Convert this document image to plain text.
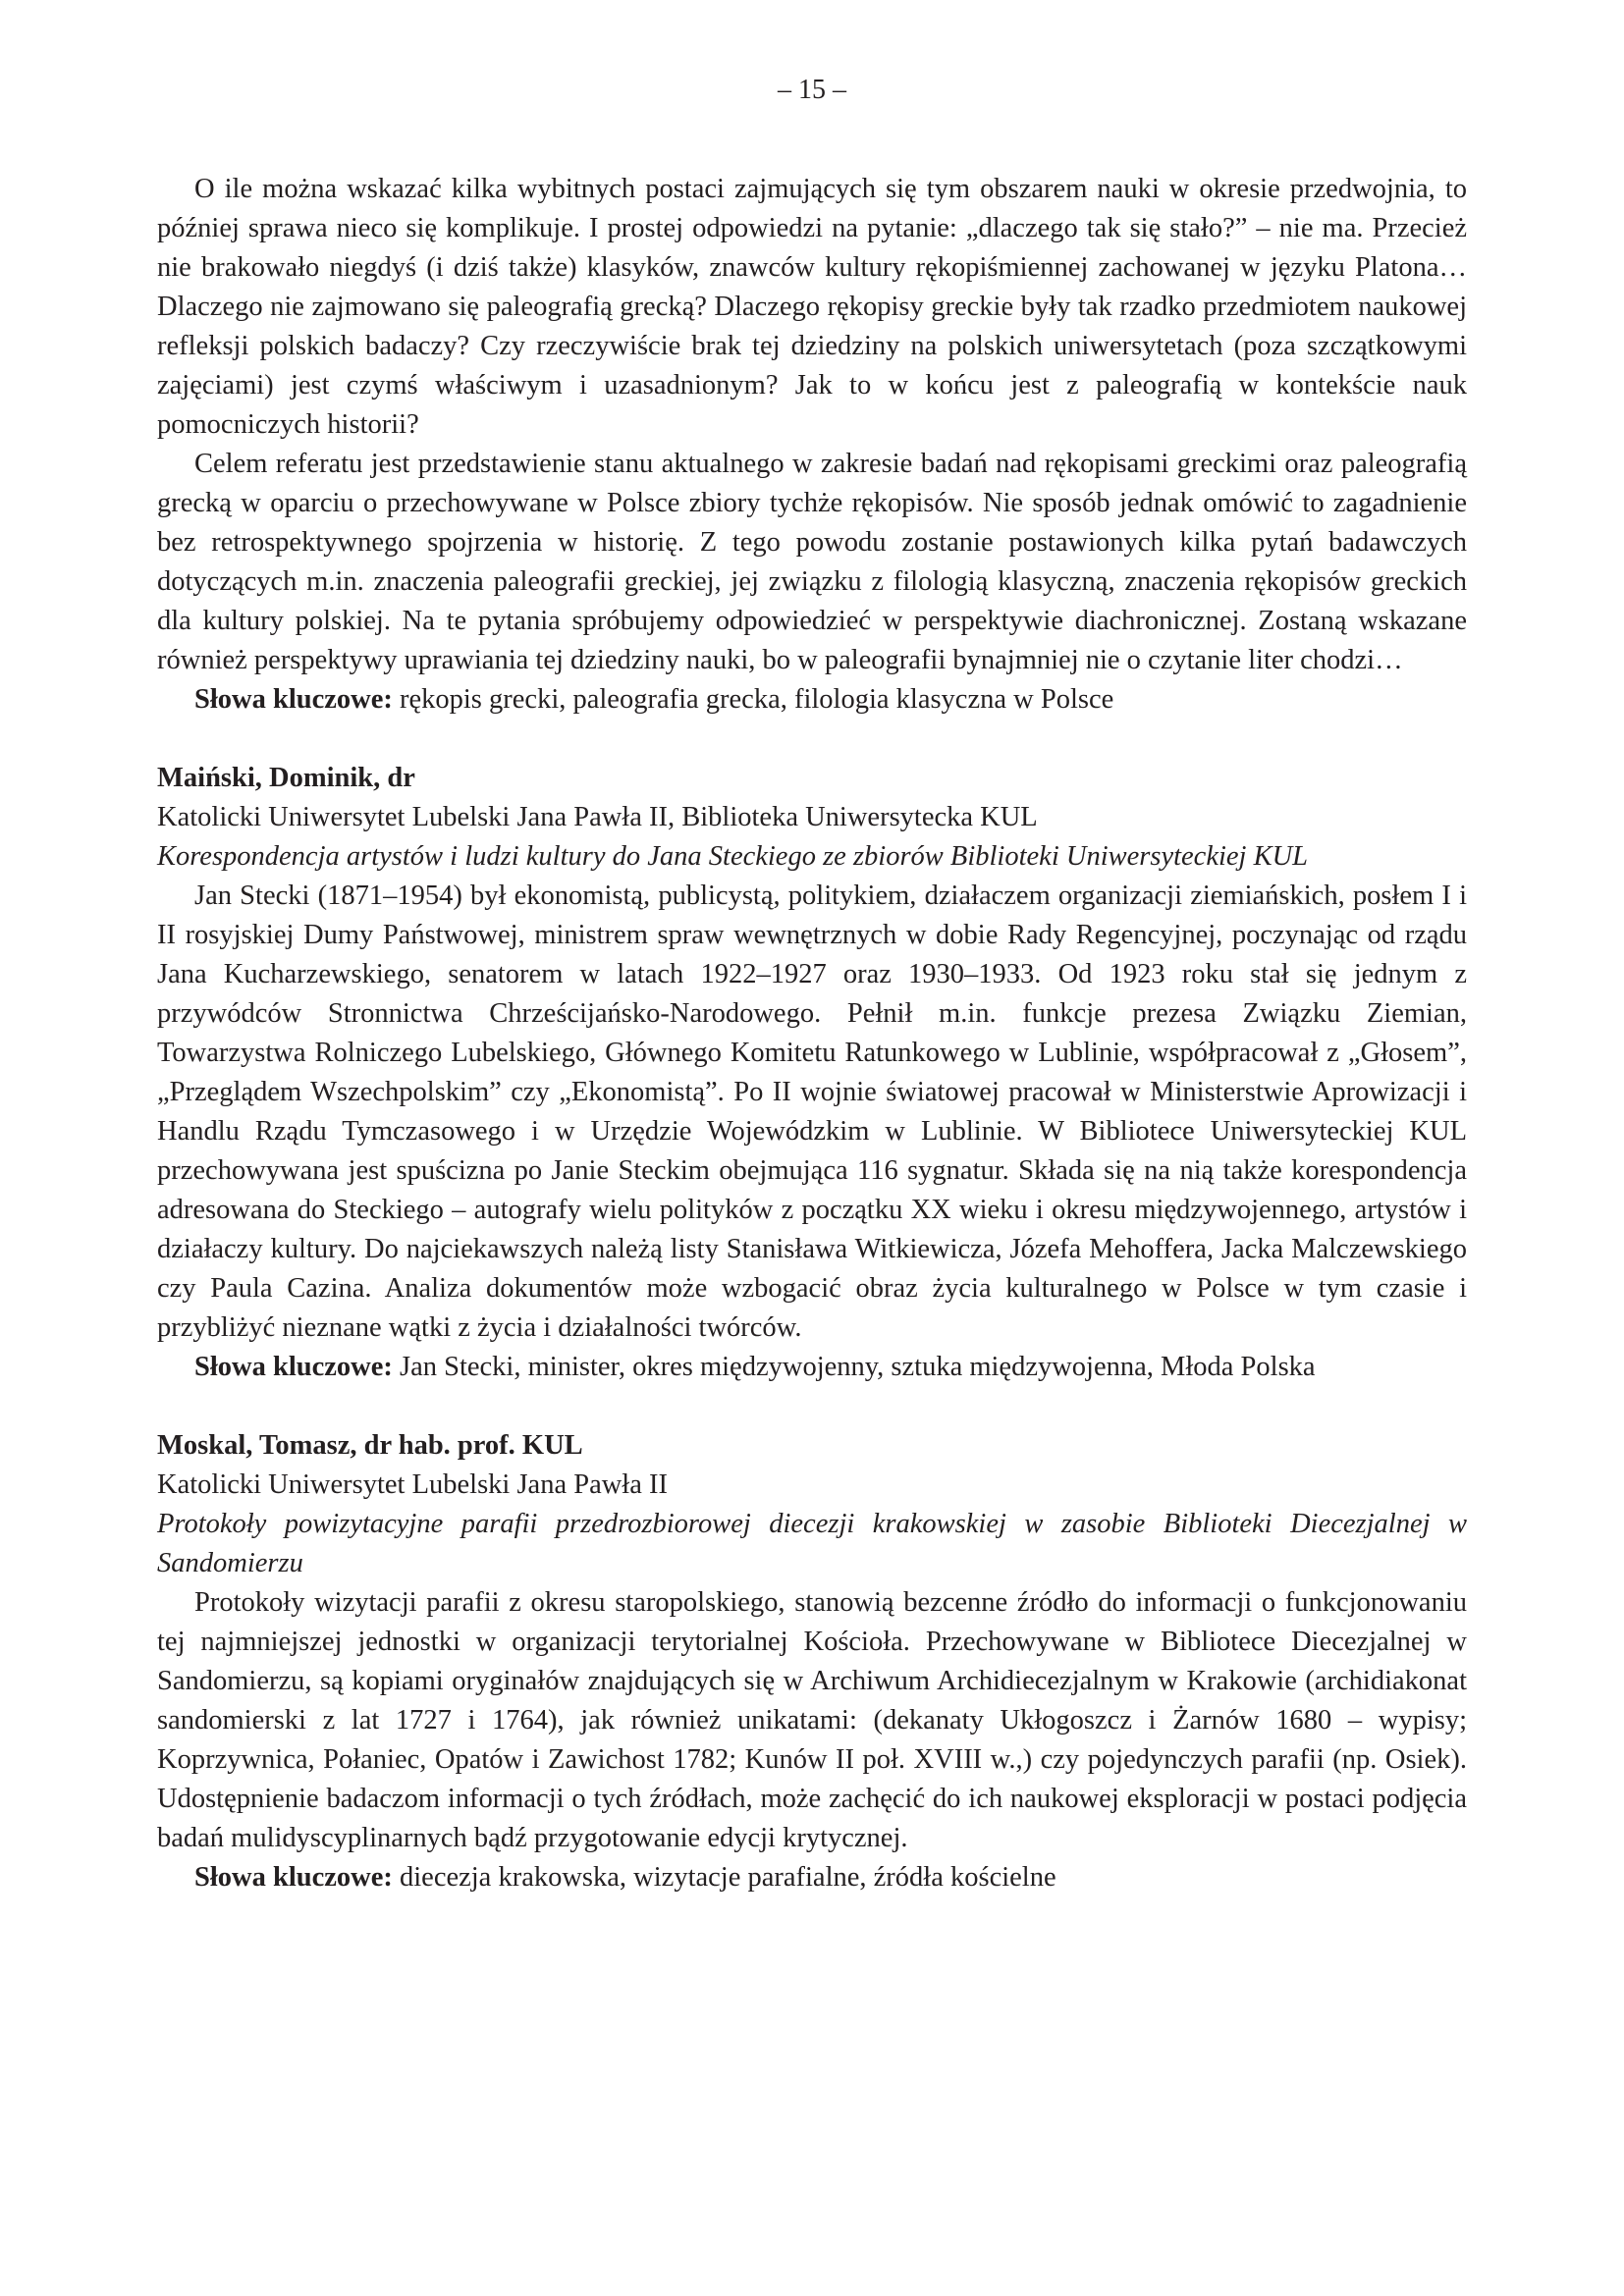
– 15 –

O ile można wskazać kilka wybitnych postaci zajmujących się tym obszarem nauki w okresie przedwojnia, to później sprawa nieco się komplikuje. I prostej odpowiedzi na pytanie: „dlaczego tak się stało?” – nie ma. Przecież nie brakowało niegdyś (i dziś także) klasyków, znawców kultury rękopiśmiennej zachowanej w języku Platona… Dlaczego nie zajmowano się paleografią grecką? Dlaczego rękopisy greckie były tak rzadko przedmiotem naukowej refleksji polskich badaczy? Czy rzeczywiście brak tej dziedziny na polskich uniwersytetach (poza szczątkowymi zajęciami) jest czymś właściwym i uzasadnionym? Jak to w końcu jest z paleografią w kontekście nauk pomocniczych historii?

Celem referatu jest przedstawienie stanu aktualnego w zakresie badań nad rękopisami greckimi oraz paleografią grecką w oparciu o przechowywane w Polsce zbiory tychże rękopisów. Nie sposób jednak omówić to zagadnienie bez retrospektywnego spojrzenia w historię. Z tego powodu zostanie postawionych kilka pytań badawczych dotyczących m.in. znaczenia paleografii greckiej, jej związku z filologią klasyczną, znaczenia rękopisów greckich dla kultury polskiej. Na te pytania spróbujemy odpowiedzieć w perspektywie diachronicznej. Zostaną wskazane również perspektywy uprawiania tej dziedziny nauki, bo w paleografii bynajmniej nie o czytanie liter chodzi…

Słowa kluczowe: rękopis grecki, paleografia grecka, filologia klasyczna w Polsce

Maiński, Dominik, dr

Katolicki Uniwersytet Lubelski Jana Pawła II, Biblioteka Uniwersytecka KUL

Korespondencja artystów i ludzi kultury do Jana Steckiego ze zbiorów Biblioteki Uniwersyteckiej KUL

Jan Stecki (1871–1954) był ekonomistą, publicystą, politykiem, działaczem organizacji ziemiańskich, posłem I i II rosyjskiej Dumy Państwowej, ministrem spraw wewnętrznych w dobie Rady Regencyjnej, poczynając od rządu Jana Kucharzewskiego, senatorem w latach 1922–1927 oraz 1930–1933. Od 1923 roku stał się jednym z przywódców Stronnictwa Chrześcijańsko-Narodowego. Pełnił m.in. funkcje prezesa Związku Ziemian, Towarzystwa Rolniczego Lubelskiego, Głównego Komitetu Ratunkowego w Lublinie, współpracował z „Głosem”, „Przeglądem Wszechpolskim” czy „Ekonomistą”. Po II wojnie światowej pracował w Ministerstwie Aprowizacji i Handlu Rządu Tymczasowego i w Urzędzie Wojewódzkim w Lublinie. W Bibliotece Uniwersyteckiej KUL przechowywana jest spuścizna po Janie Steckim obejmująca 116 sygnatur. Składa się na nią także korespondencja adresowana do Steckiego – autografy wielu polityków z początku XX wieku i okresu międzywojennego, artystów i działaczy kultury. Do najciekawszych należą listy Stanisława Witkiewicza, Józefa Mehoffera, Jacka Malczewskiego czy Paula Cazina. Analiza dokumentów może wzbogacić obraz życia kulturalnego w Polsce w tym czasie i przybliżyć nieznane wątki z życia i działalności twórców.

Słowa kluczowe: Jan Stecki, minister, okres międzywojenny, sztuka międzywojenna, Młoda Polska

Moskal, Tomasz, dr hab. prof. KUL

Katolicki Uniwersytet Lubelski Jana Pawła II

Protokoły powizytacyjne parafii przedrozbiorowej diecezji krakowskiej w zasobie Biblioteki Diecezjalnej w Sandomierzu

Protokoły wizytacji parafii z okresu staropolskiego, stanowią bezcenne źródło do informacji o funkcjonowaniu tej najmniejszej jednostki w organizacji terytorialnej Kościoła. Przechowywane w Bibliotece Diecezjalnej w Sandomierzu, są kopiami oryginałów znajdujących się w Archiwum Archidiecezjalnym w Krakowie (archidiakonat sandomierski z lat 1727 i 1764), jak również unikatami: (dekanaty Ukłogoszcz i Żarnów 1680 – wypisy; Koprzywnica, Połaniec, Opatów i Zawichost 1782; Kunów II poł. XVIII w.,) czy pojedynczych parafii (np. Osiek). Udostępnienie badaczom informacji o tych źródłach, może zachęcić do ich naukowej eksploracji w postaci podjęcia badań mulidyscyplinarnych bądź przygotowanie edycji krytycznej.

Słowa kluczowe: diecezja krakowska, wizytacje parafialne, źródła kościelne
